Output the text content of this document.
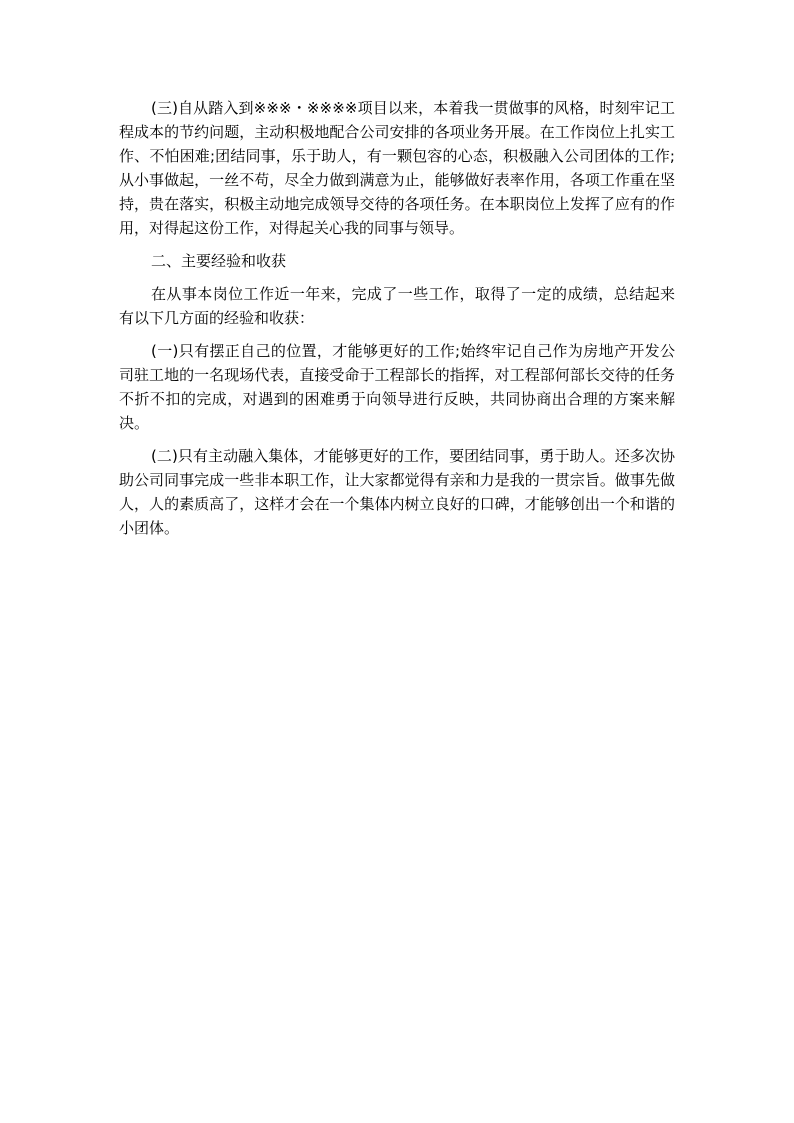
(三)自从踏入到※※※・※※※※项目以来，本着我一贯做事的风格，时刻牢记工程成本的节约问题，主动积极地配合公司安排的各项业务开展。在工作岗位上扎实工作、不怕困难;团结同事，乐于助人，有一颗包容的心态，积极融入公司团体的工作;从小事做起，一丝不苟，尽全力做到满意为止，能够做好表率作用，各项工作重在坚持，贵在落实，积极主动地完成领导交待的各项任务。在本职岗位上发挥了应有的作用，对得起这份工作，对得起关心我的同事与领导。

二、主要经验和收获

在从事本岗位工作近一年来，完成了一些工作，取得了一定的成绩，总结起来有以下几方面的经验和收获：

(一)只有摆正自己的位置，才能够更好的工作;始终牢记自己作为房地产开发公司驻工地的一名现场代表，直接受命于工程部长的指挥，对工程部何部长交待的任务不折不扣的完成，对遇到的困难勇于向领导进行反映，共同协商出合理的方案来解决。

(二)只有主动融入集体，才能够更好的工作，要团结同事，勇于助人。还多次协助公司同事完成一些非本职工作，让大家都觉得有亲和力是我的一贯宗旨。做事先做人，人的素质高了，这样才会在一个集体内树立良好的口碑，才能够创出一个和谐的小团体。
